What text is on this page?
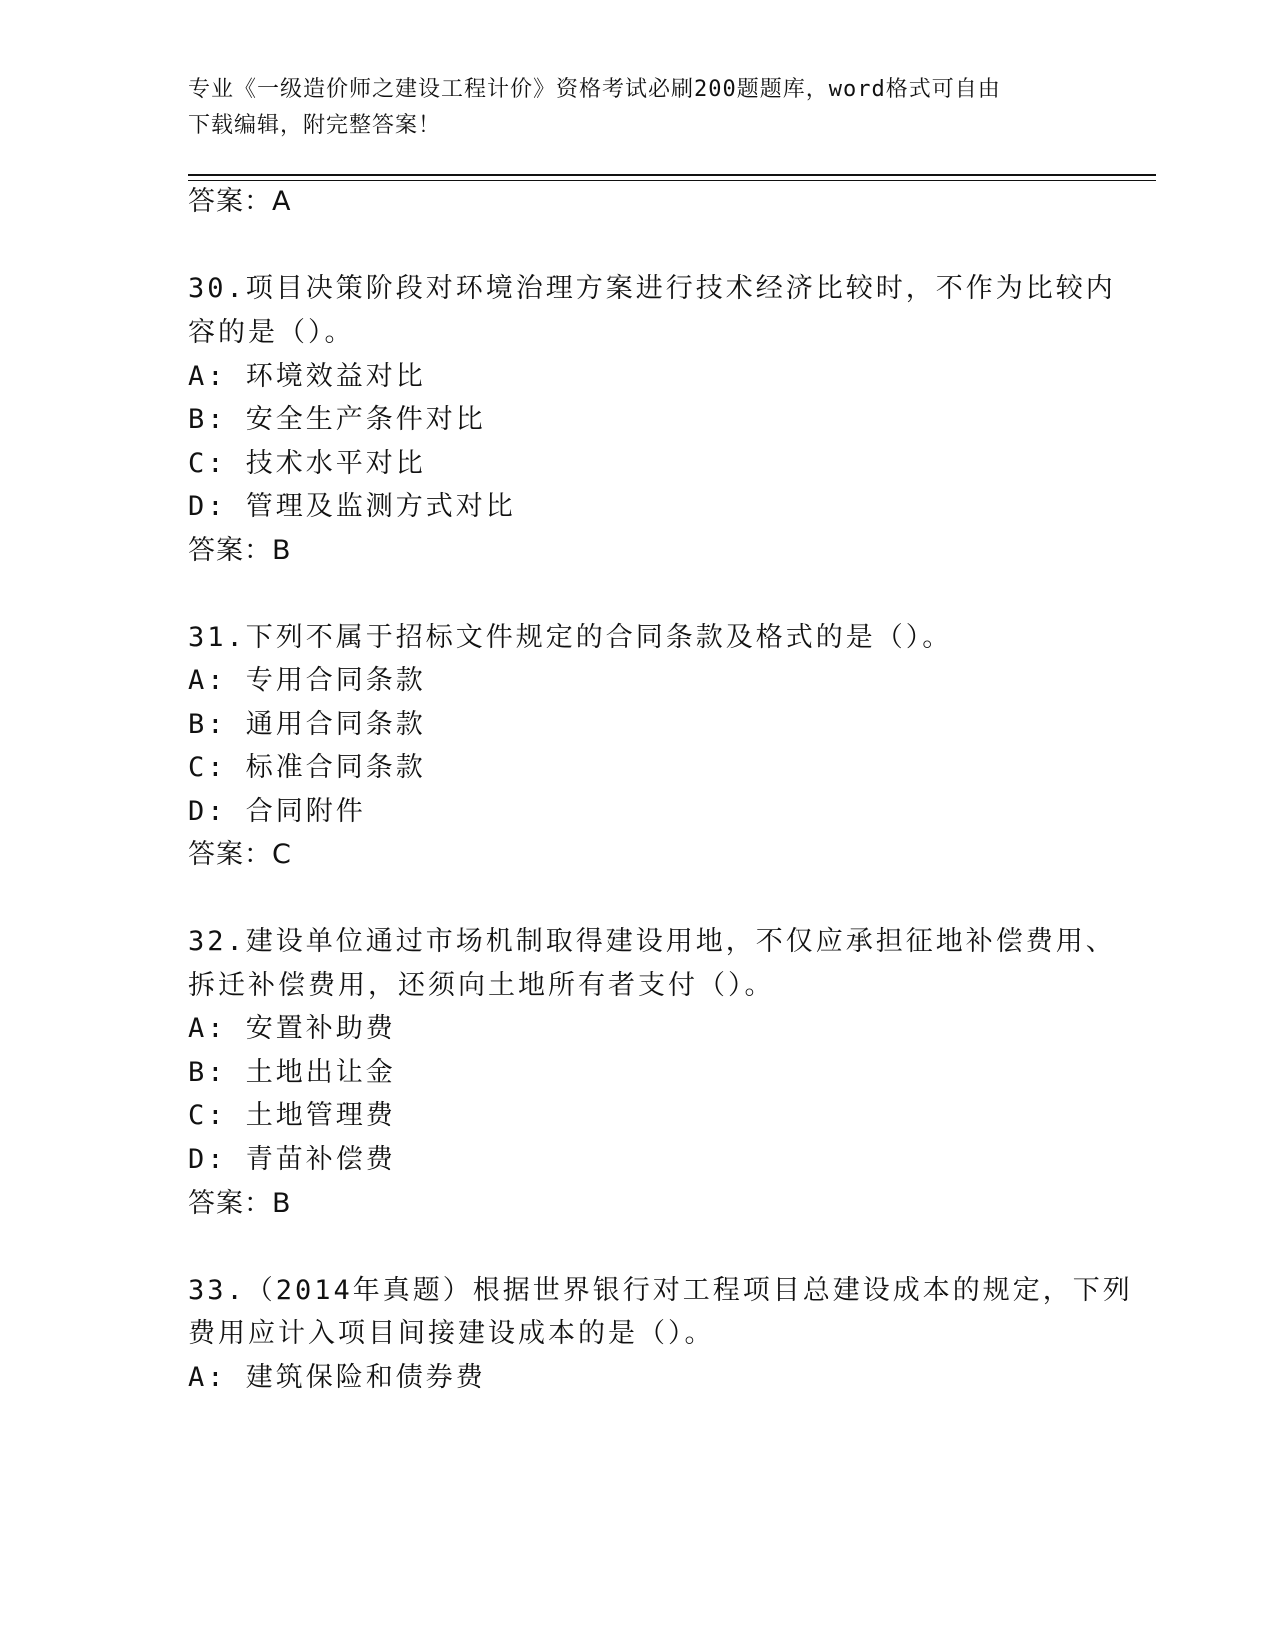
专业《一级造价师之建设工程计价》资格考试必刷200题题库，word格式可自由
下载编辑，附完整答案！
答案：A
30.项目决策阶段对环境治理方案进行技术经济比较时，不作为比较内
容的是（）。
A: 环境效益对比
B: 安全生产条件对比
C: 技术水平对比
D: 管理及监测方式对比
答案：B
31.下列不属于招标文件规定的合同条款及格式的是（）。
A: 专用合同条款
B: 通用合同条款
C: 标准合同条款
D: 合同附件
答案：C
32.建设单位通过市场机制取得建设用地，不仅应承担征地补偿费用、
拆迁补偿费用，还须向土地所有者支付（）。
A: 安置补助费
B: 土地出让金
C: 土地管理费
D: 青苗补偿费
答案：B
33.（2014年真题）根据世界银行对工程项目总建设成本的规定，下列
费用应计入项目间接建设成本的是（）。
A: 建筑保险和债券费
